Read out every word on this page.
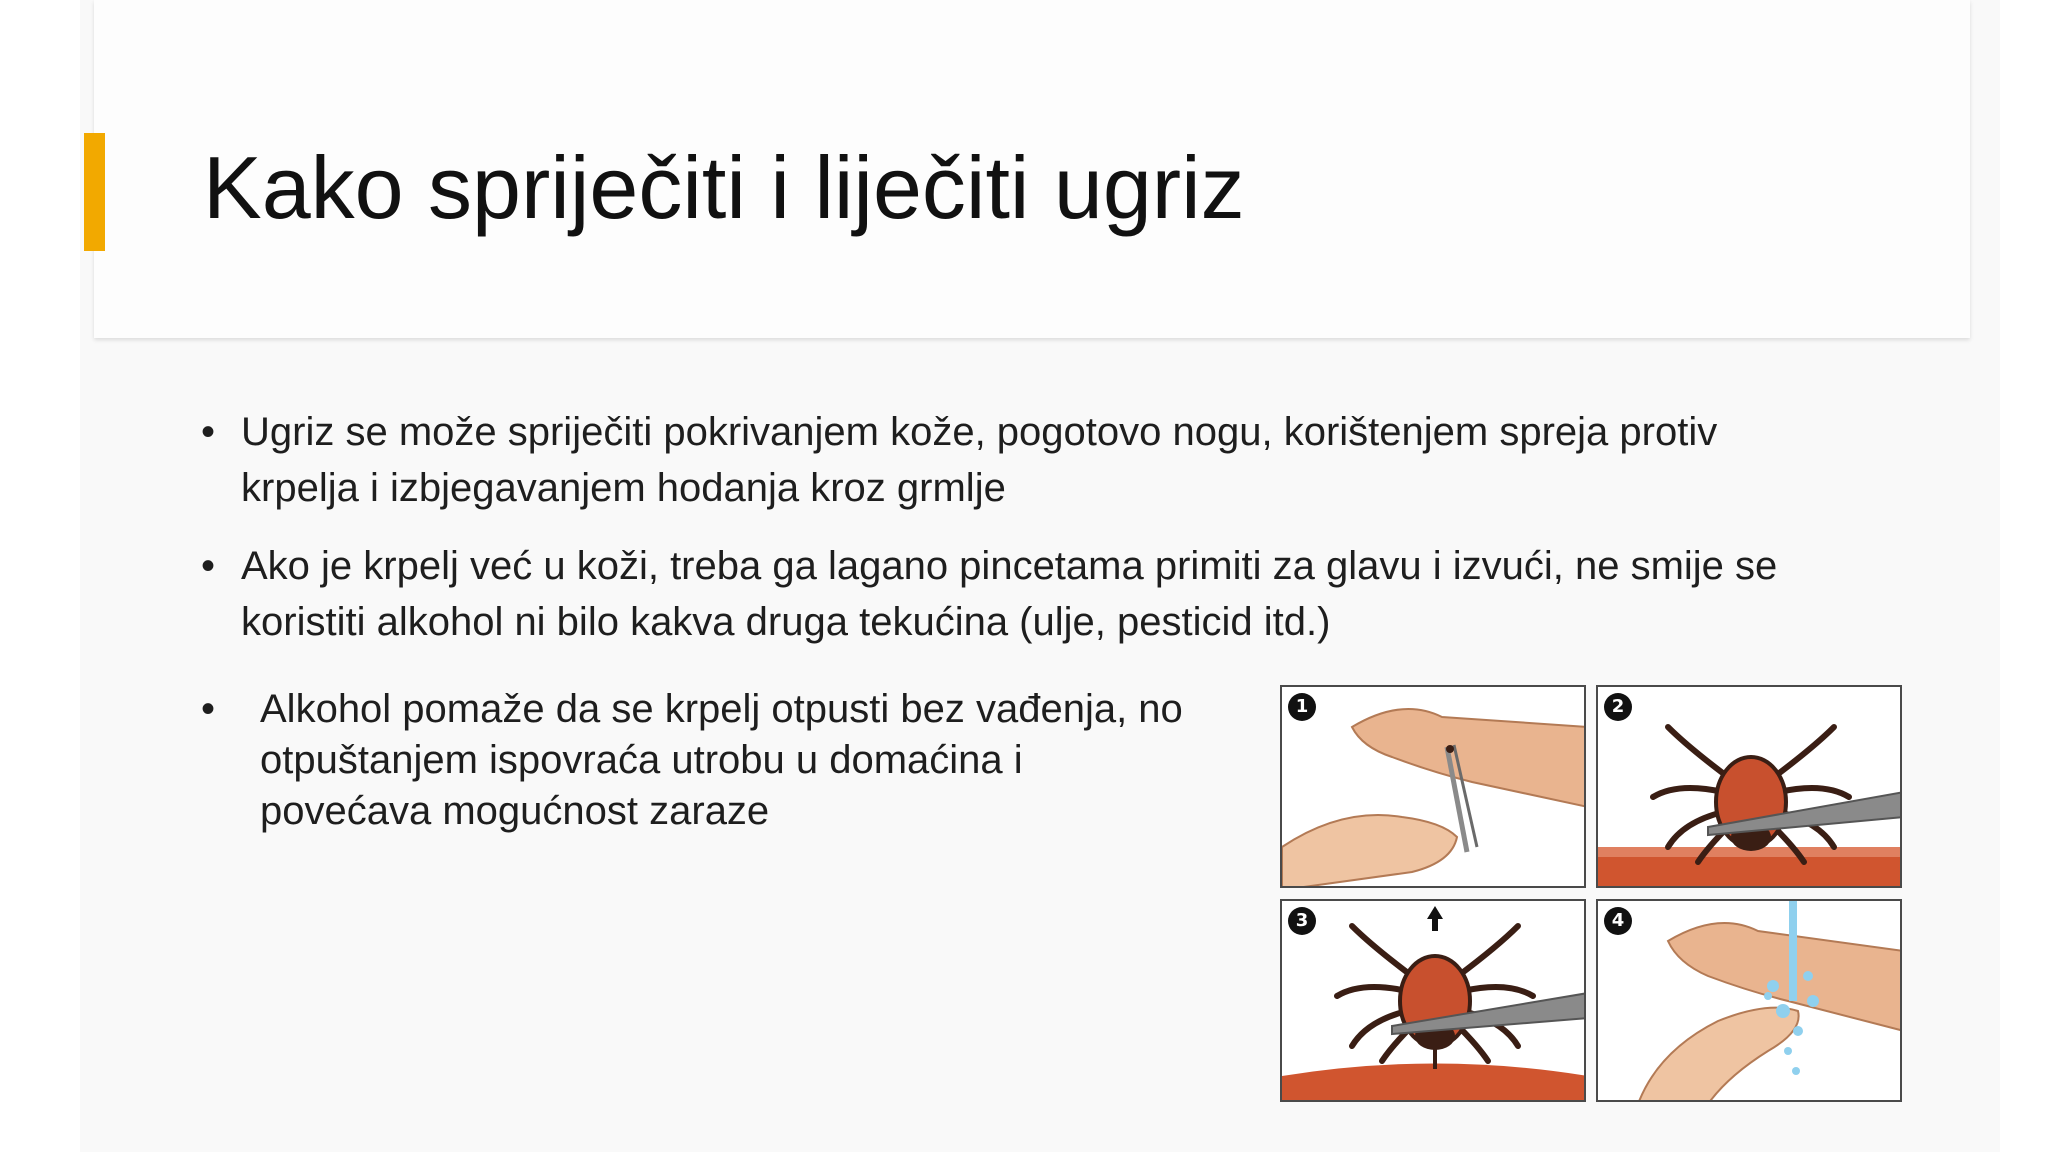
Kako spriječiti i liječiti ugriz
• Ugriz se može spriječiti pokrivanjem kože, pogotovo nogu, korištenjem spreja protiv
krpelja i izbjegavanjem hodanja kroz grmlje
• Ako je krpelj već u koži, treba ga lagano pincetama primiti za glavu i izvući, ne smije se
koristiti alkohol ni bilo kakva druga tekućina (ulje, pesticid itd.)
• Alkohol pomaže da se krpelj otpusti bez vađenja, no
otpuštanjem ispovraća utrobu u domaćina i
povećava mogućnost zaraze
1	2
3	4
